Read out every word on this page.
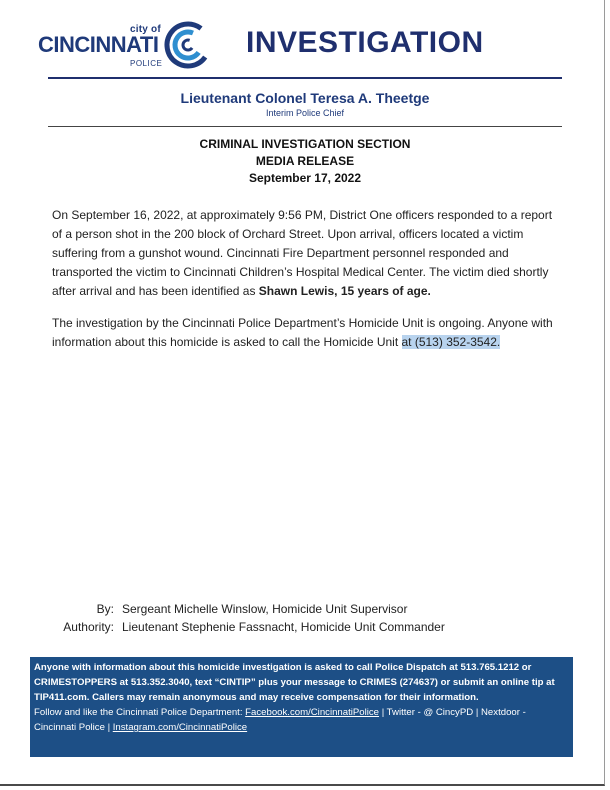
city of
CINCINNATI
POLICE
INVESTIGATION
Lieutenant Colonel Teresa A. Theetge
Interim Police Chief
CRIMINAL INVESTIGATION SECTION
MEDIA RELEASE
September 17, 2022
On September 16, 2022, at approximately 9:56 PM, District One officers responded to a report of a person shot in the 200 block of Orchard Street. Upon arrival, officers located a victim suffering from a gunshot wound. Cincinnati Fire Department personnel responded and transported the victim to Cincinnati Children’s Hospital Medical Center. The victim died shortly after arrival and has been identified as Shawn Lewis, 15 years of age.
The investigation by the Cincinnati Police Department’s Homicide Unit is ongoing. Anyone with information about this homicide is asked to call the Homicide Unit at (513) 352-3542.
By: Sergeant Michelle Winslow, Homicide Unit Supervisor
Authority: Lieutenant Stephenie Fassnacht, Homicide Unit Commander
Anyone with information about this homicide investigation is asked to call Police Dispatch at 513.765.1212 or CRIMESTOPPERS at 513.352.3040, text “CINTIP” plus your message to CRIMES (274637) or submit an online tip at TIP411.com. Callers may remain anonymous and may receive compensation for their information.
Follow and like the Cincinnati Police Department: Facebook.com/CincinnatiPolice | Twitter - @ CincyPD | Nextdoor - Cincinnati Police | Instagram.com/CincinnatiPolice
